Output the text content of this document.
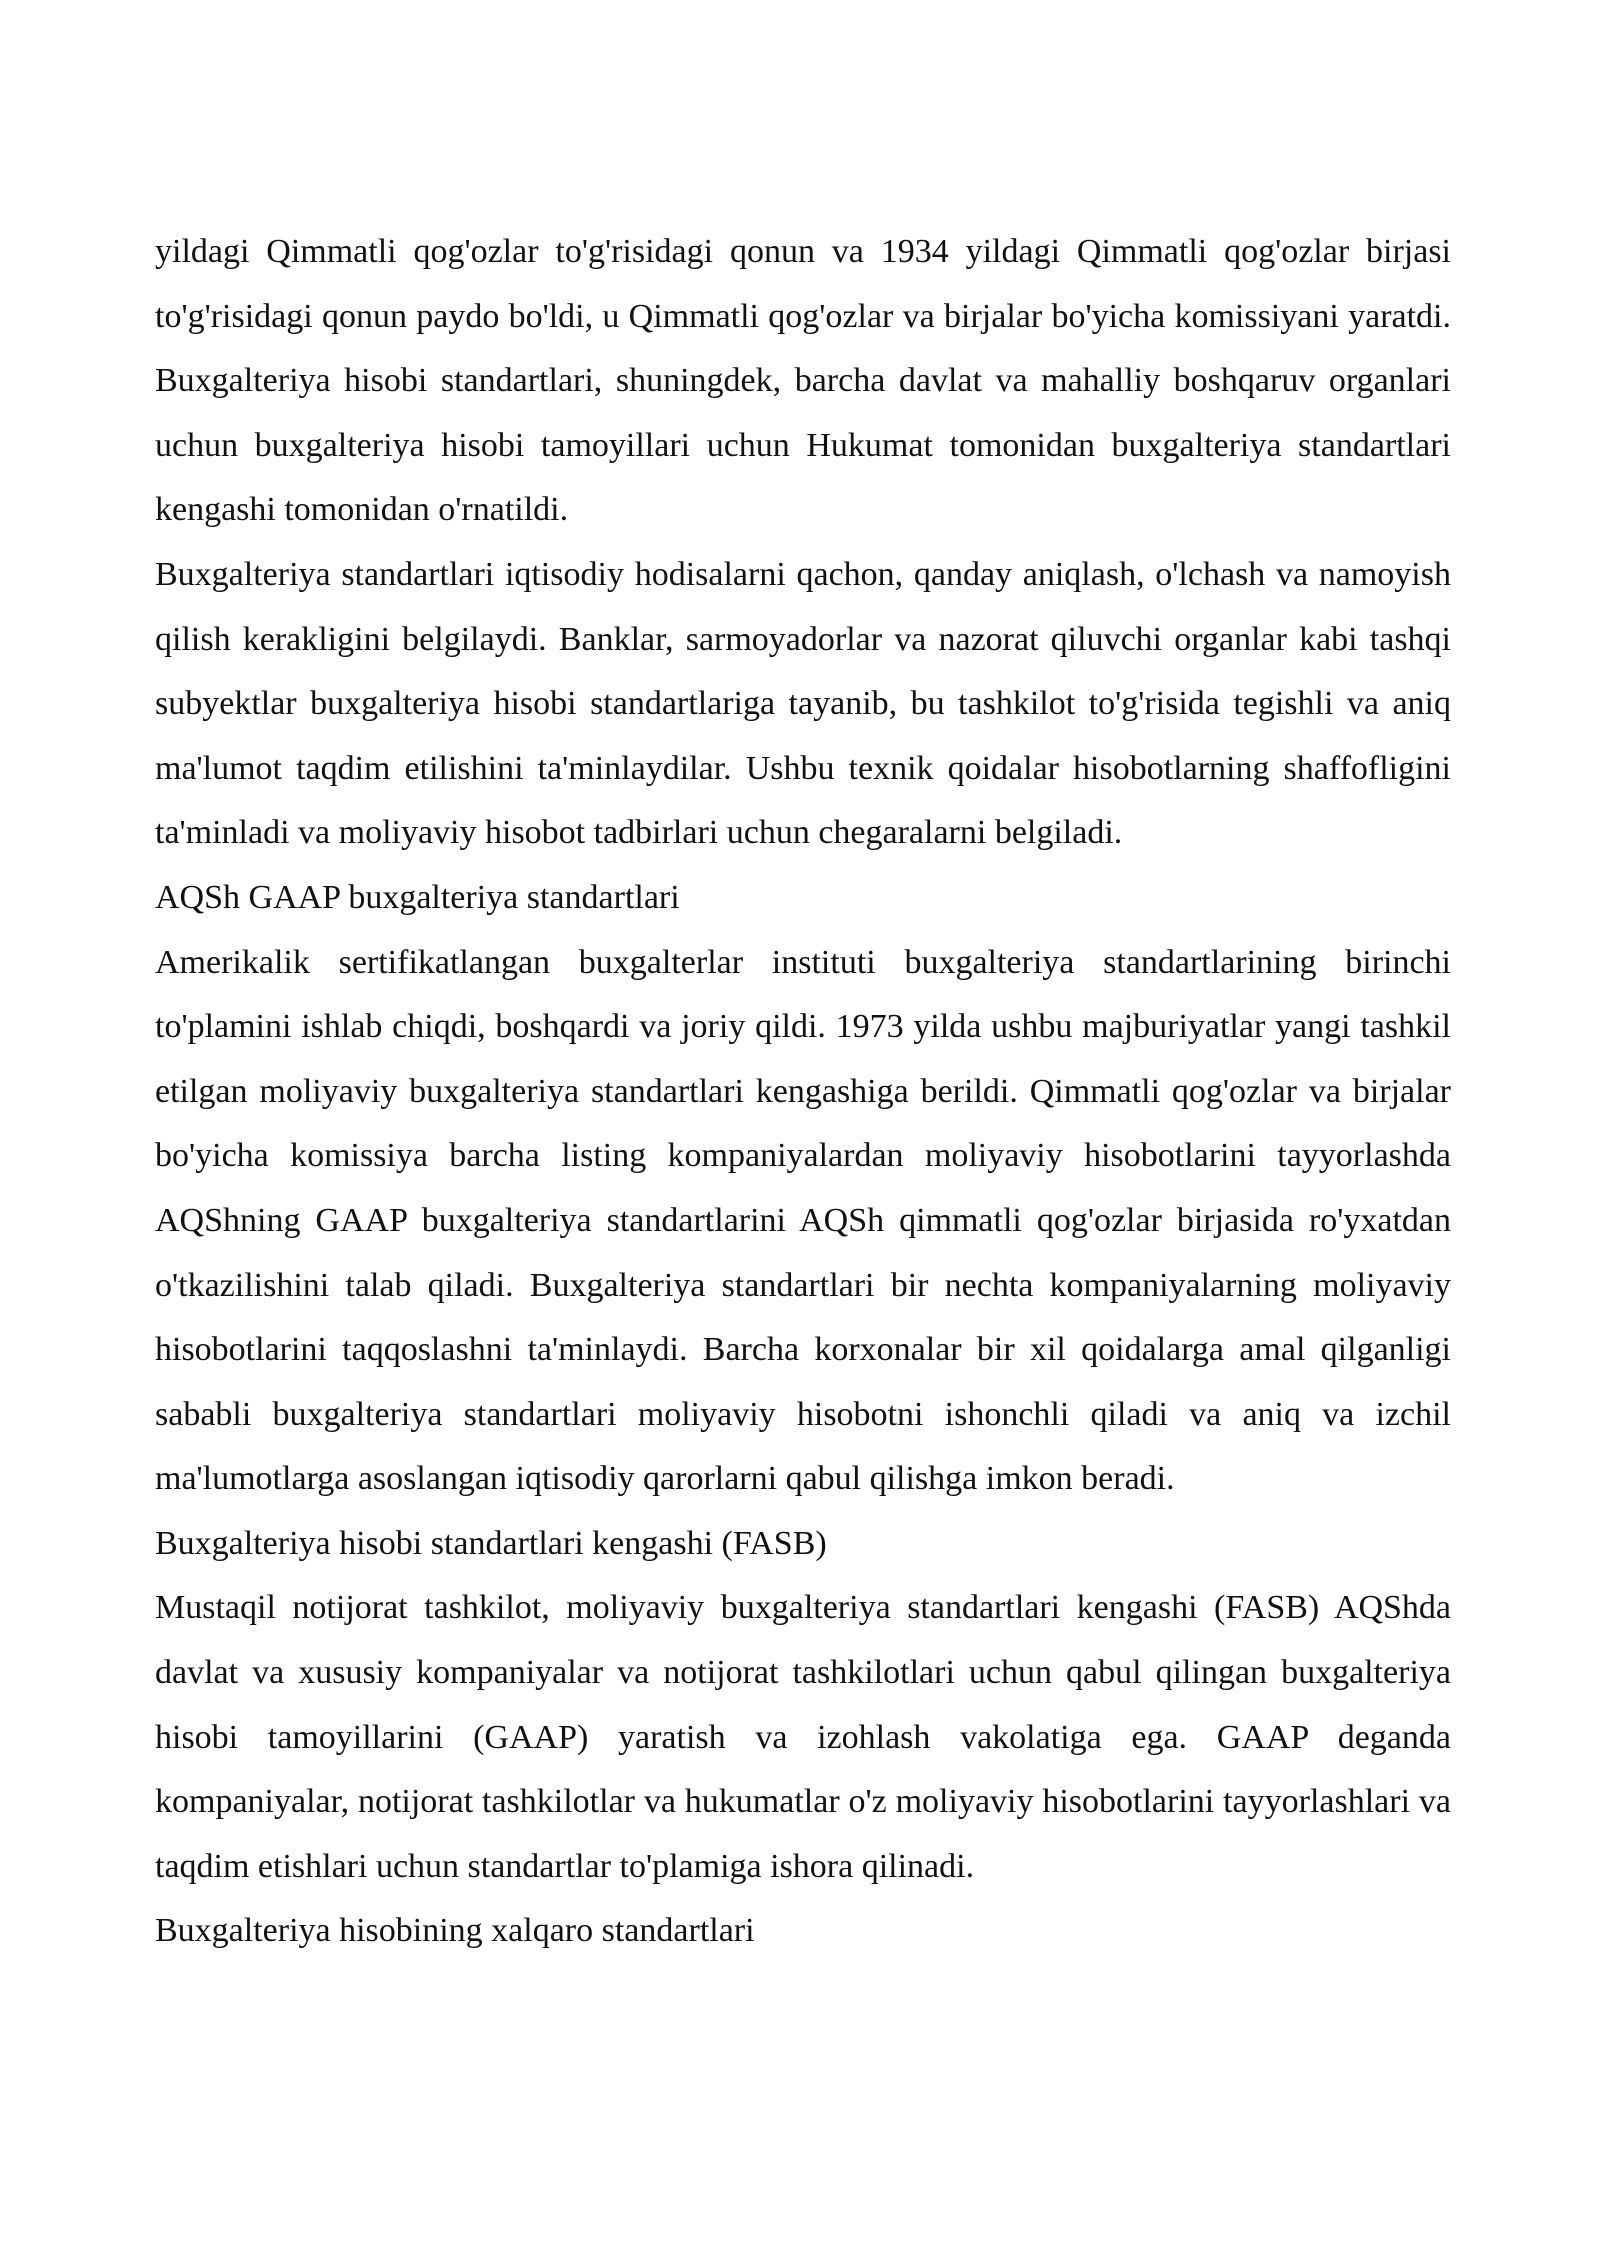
yildagi Qimmatli qog'ozlar to'g'risidagi qonun va 1934 yildagi Qimmatli qog'ozlar birjasi to'g'risidagi qonun paydo bo'ldi, u Qimmatli qog'ozlar va birjalar bo'yicha komissiyani yaratdi. Buxgalteriya hisobi standartlari, shuningdek, barcha davlat va mahalliy boshqaruv organlari uchun buxgalteriya hisobi tamoyillari uchun Hukumat tomonidan buxgalteriya standartlari kengashi tomonidan o'rnatildi.

Buxgalteriya standartlari iqtisodiy hodisalarni qachon, qanday aniqlash, o'lchash va namoyish qilish kerakligini belgilaydi. Banklar, sarmoyadorlar va nazorat qiluvchi organlar kabi tashqi subyektlar buxgalteriya hisobi standartlariga tayanib, bu tashkilot to'g'risida tegishli va aniq ma'lumot taqdim etilishini ta'minlaydilar. Ushbu texnik qoidalar hisobotlarning shaffofligini ta'minladi va moliyaviy hisobot tadbirlari uchun chegaralarni belgiladi.

AQSh GAAP buxgalteriya standartlari

Amerikalik sertifikatlangan buxgalterlar instituti buxgalteriya standartlarining birinchi to'plamini ishlab chiqdi, boshqardi va joriy qildi. 1973 yilda ushbu majburiyatlar yangi tashkil etilgan moliyaviy buxgalteriya standartlari kengashiga berildi. Qimmatli qog'ozlar va birjalar bo'yicha komissiya barcha listing kompaniyalardan moliyaviy hisobotlarini tayyorlashda AQShning GAAP buxgalteriya standartlarini AQSh qimmatli qog'ozlar birjasida ro'yxatdan o'tkazilishini talab qiladi. Buxgalteriya standartlari bir nechta kompaniyalarning moliyaviy hisobotlarini taqqoslashni ta'minlaydi. Barcha korxonalar bir xil qoidalarga amal qilganligi sababli buxgalteriya standartlari moliyaviy hisobotni ishonchli qiladi va aniq va izchil ma'lumotlarga asoslangan iqtisodiy qarorlarni qabul qilishga imkon beradi.

Buxgalteriya hisobi standartlari kengashi (FASB)

Mustaqil notijorat tashkilot, moliyaviy buxgalteriya standartlari kengashi (FASB) AQShda davlat va xususiy kompaniyalar va notijorat tashkilotlari uchun qabul qilingan buxgalteriya hisobi tamoyillarini (GAAP) yaratish va izohlash vakolatiga ega. GAAP deganda kompaniyalar, notijorat tashkilotlar va hukumatlar o'z moliyaviy hisobotlarini tayyorlashlari va taqdim etishlari uchun standartlar to'plamiga ishora qilinadi.

Buxgalteriya hisobining xalqaro standartlari
